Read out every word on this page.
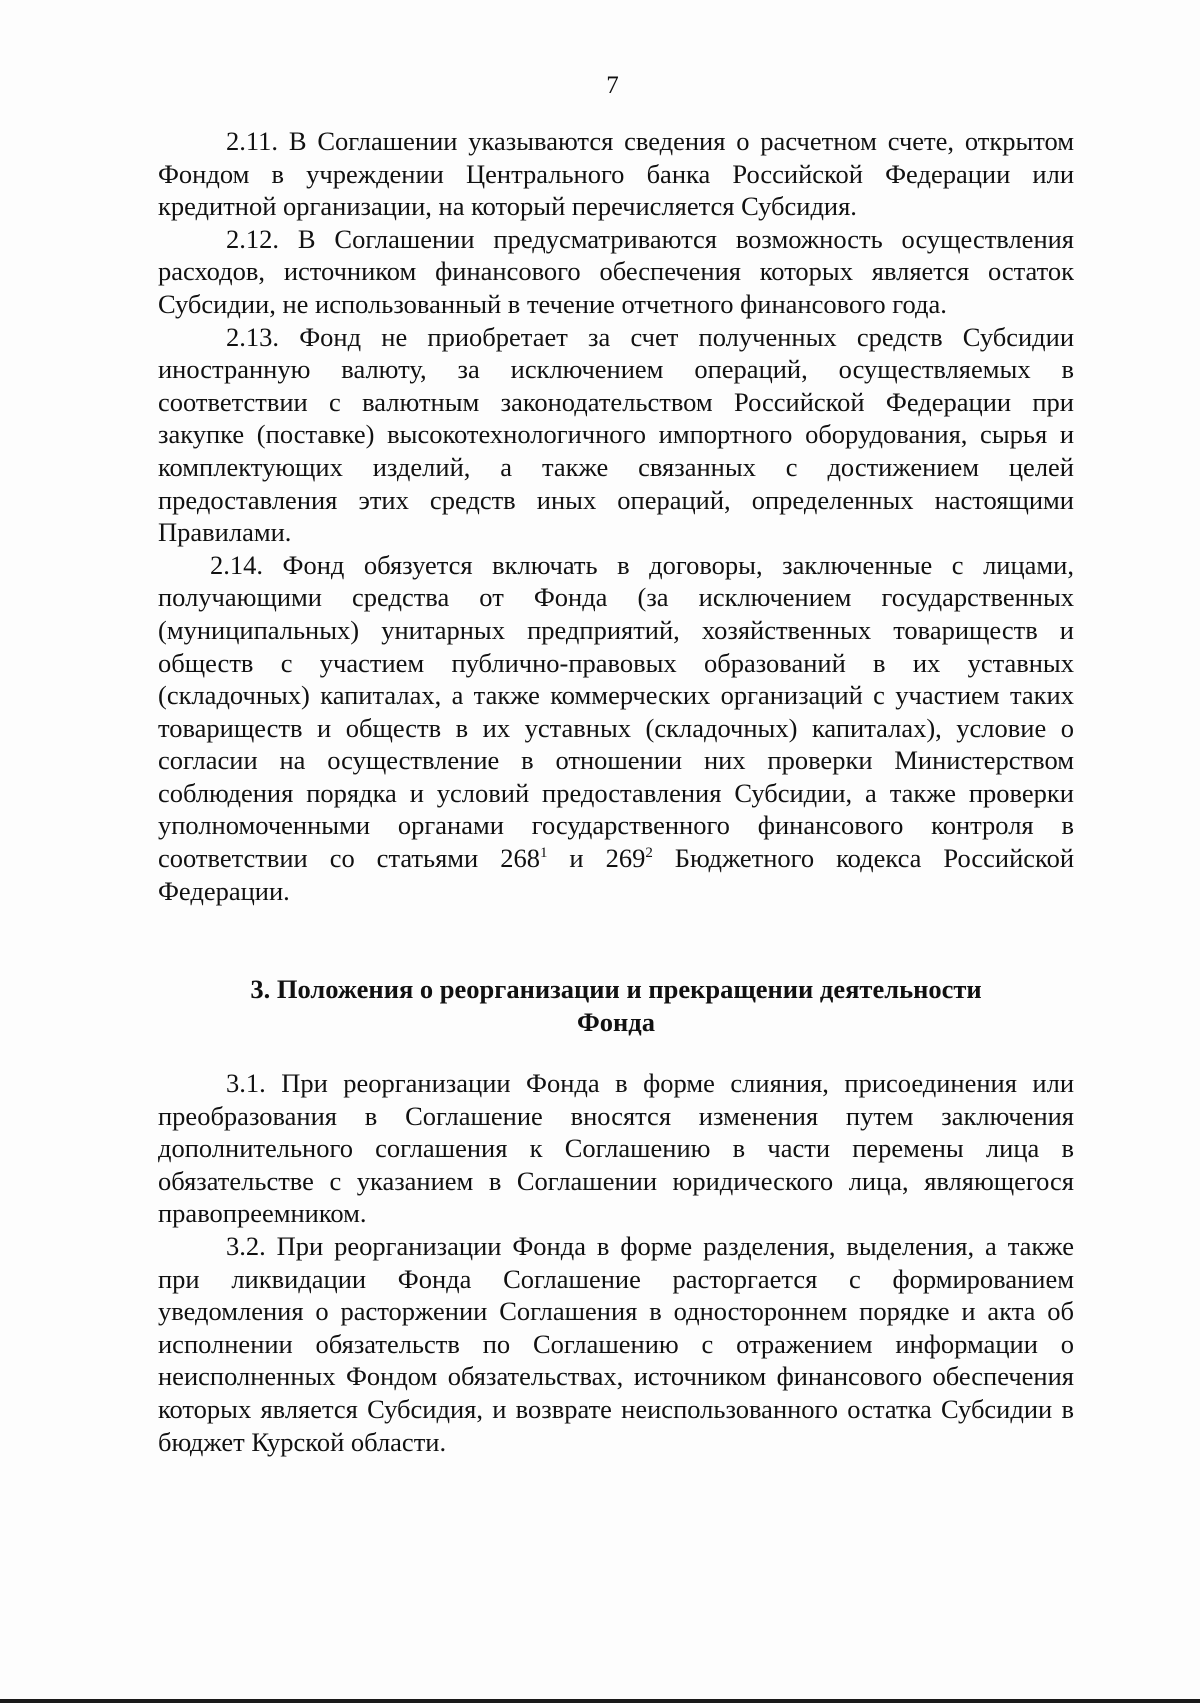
7

2.11. В Соглашении указываются сведения о расчетном счете, открытом Фондом в учреждении Центрального банка Российской Федерации или кредитной организации, на который перечисляется Субсидия.

2.12. В Соглашении предусматриваются возможность осуществления расходов, источником финансового обеспечения которых является остаток Субсидии, не использованный в течение отчетного финансового года.

2.13. Фонд не приобретает за счет полученных средств Субсидии иностранную валюту, за исключением операций, осуществляемых в соответствии с валютным законодательством Российской Федерации при закупке (поставке) высокотехнологичного импортного оборудования, сырья и комплектующих изделий, а также связанных с достижением целей предоставления этих средств иных операций, определенных настоящими Правилами.

2.14. Фонд обязуется включать в договоры, заключенные с лицами, получающими средства от Фонда (за исключением государственных (муниципальных) унитарных предприятий, хозяйственных товариществ и обществ с участием публично-правовых образований в их уставных (складочных) капиталах, а также коммерческих организаций с участием таких товариществ и обществ в их уставных (складочных) капиталах), условие о согласии на осуществление в отношении них проверки Министерством соблюдения порядка и условий предоставления Субсидии, а также проверки уполномоченными органами государственного финансового контроля в соответствии со статьями $268^1$ и $269^2$ Бюджетного кодекса Российской Федерации.

3. Положения о реорганизации и прекращении деятельности
Фонда

3.1. При реорганизации Фонда в форме слияния, присоединения или преобразования в Соглашение вносятся изменения путем заключения дополнительного соглашения к Соглашению в части перемены лица в обязательстве с указанием в Соглашении юридического лица, являющегося правопреемником.

3.2. При реорганизации Фонда в форме разделения, выделения, а также при ликвидации Фонда Соглашение расторгается с формированием уведомления о расторжении Соглашения в одностороннем порядке и акта об исполнении обязательств по Соглашению с отражением информации о неисполненных Фондом обязательствах, источником финансового обеспечения которых является Субсидия, и возврате неиспользованного остатка Субсидии в бюджет Курской области.
